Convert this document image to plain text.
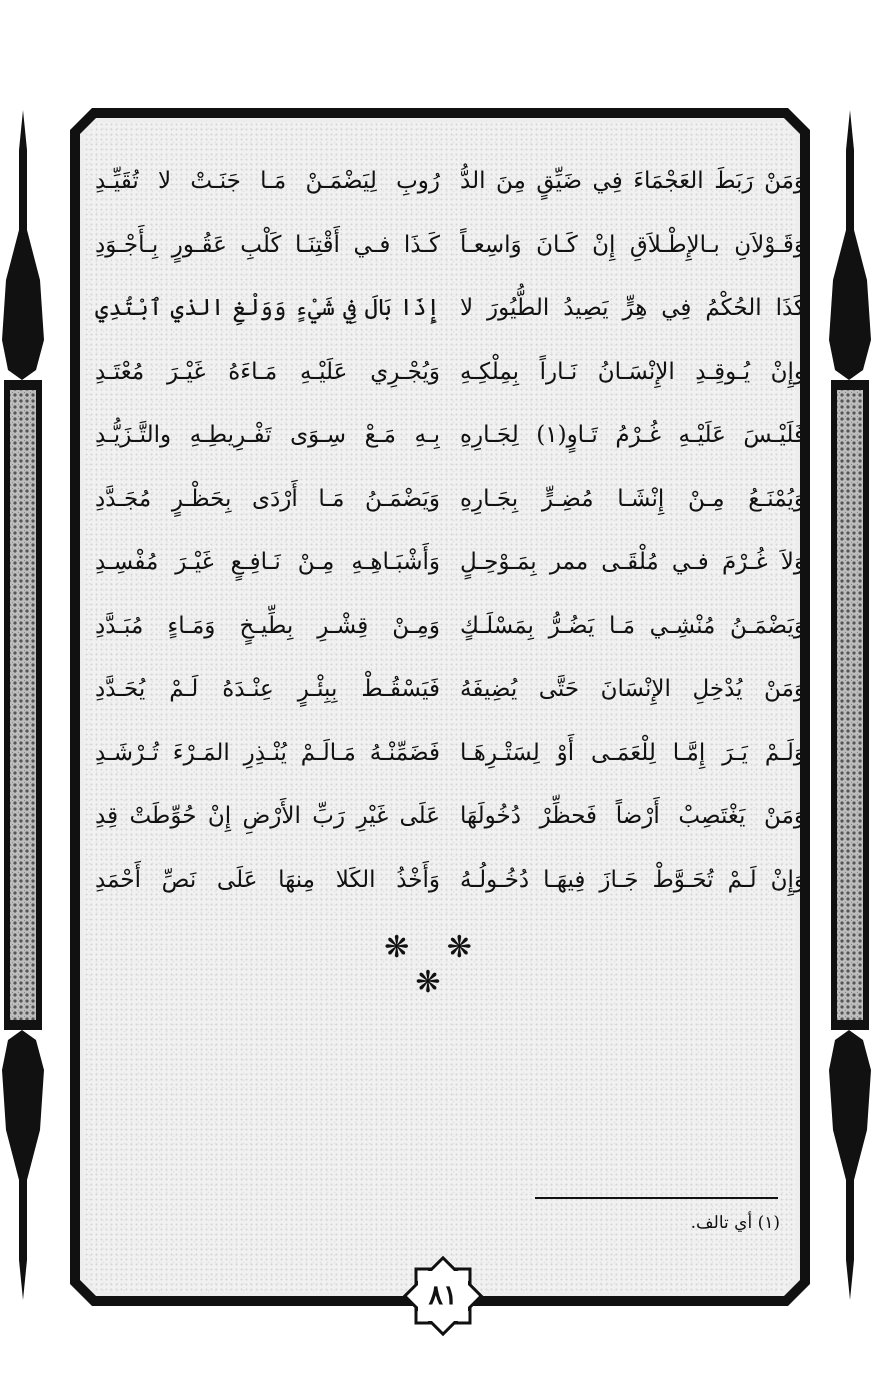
وَمَنْ رَبَطَ العَجْمَاءَ فِي ضَيِّقٍ مِنَ الدُّ
وَقَـوْلاَنِ بـالإِطْـلاَقِ إِنْ كَـانَ وَاسِعـاً
كَذَا الحُكْمُ فِي هِرٍّ يَصِيدُ الطُّيُورَ لا
وإِنْ يُـوقِـدِ الإِنْسَـانُ نَـاراً بِمِلْكِـهِ
فَلَيْـسَ عَلَيْـهِ غُـرْمُ تَـاوٍ(١) لِجَـارِهِ
وَيُمْنَـعُ مِـنْ إِنْشَـا مُضِـرٍّ بِجَـارِهِ
وَلاَ غُـرْمَ فـي مُلْقَـى ممر بِمَـوْحِـلٍ
وَيَضْمَـنُ مُنْشِـي مَـا يَضُـرُّ بِمَسْلَـكٍ
وَمَنْ يُدْخِلِ الإِنْسَانَ حَتَّى يُضِيفَهُ
وَلَـمْ يَـرَ إِمَّـا لِلْعَمَـى أَوْ لِسَتْـرِهَـا
وَمَنْ يَغْتَصِبْ أَرْضاً فَحظِّرْ دُخُولَهَا
وَإِنْ لَـمْ تُحَـوَّطْ جَـازَ فِيهَـا دُخُـولُـهُ
رُوبِ لِيَضْمَـنْ مَـا جَنَـتْ لا تُقَيِّـدِ
كَـذَا فـي أَقْتِنَـا كَلْبِ عَقُـورٍ بِـأَجْـوَدِ
إِذَا بَالَ فِي شَيْءٍ وَوَلْغِ الذي ٱبْتُدِي
وَيُجْـرِي عَلَيْـهِ مَـاءَهُ غَيْـرَ مُعْتَـدِ
بِـهِ مَـعْ سِـوَى تَفْـرِيطِـهِ والتَّـزَيُّـدِ
وَيَضْمَـنُ مَـا أَرْدَى بِحَظْـرٍ مُجَـدَّدِ
وَأَشْبَـاهِـهِ مِـنْ نَـافِـعٍ غَيْـرَ مُفْسِـدِ
وَمِـنْ قِشْـرِ بِطِّيـخٍ وَمَـاءٍ مُبَـدَّدِ
فَيَسْقُـطْ بِبِئْـرٍ عِنْـدَهُ لَـمْ يُحَـدَّدِ
فَضَمِّنْـهُ مَـالَـمْ يُنْـذِرِ المَـرْءَ تُـرْشَـدِ
عَلَى غَيْرِ رَبِّ الأَرْضِ إِنْ حُوِّطَتْ قِدِ
وَأَخْذُ الكَلا مِنهَا عَلَى نَصِّ أَحْمَدِ
❋ ❋ ❋
(١) أي تالف.
٨١
